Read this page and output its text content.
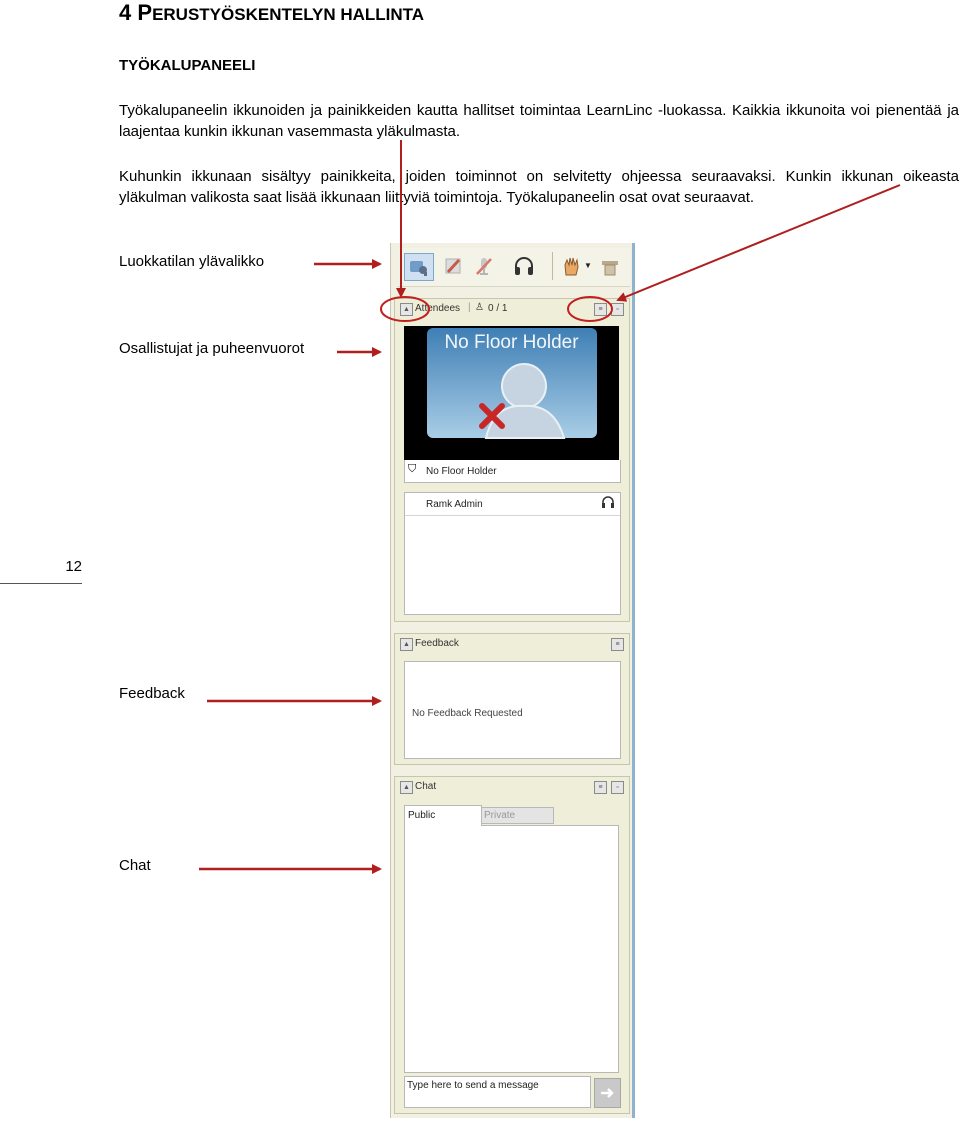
4 PERUSTYÖSKENTELYN HALLINTA
TYÖKALUPANEELI
Työkalupaneelin ikkunoiden ja painikkeiden kautta hallitset toimintaa LearnLinc -luokassa. Kaikkia ikkunoita voi pienentää ja laajentaa kunkin ikkunan vasemmasta yläkulmasta.
Kuhunkin ikkunaan sisältyy painikkeita, joiden toiminnot on selvitetty ohjeessa seuraavaksi. Kunkin ikkunan oikeasta yläkulman valikosta saat lisää ikkunaan liittyviä toimintoja. Työkalupaneelin osat ovat seuraavat.
Luokkatilan ylävalikko
Osallistujat ja puheenvuorot
Feedback
Chat
12
▼
▲ Attendees | ♙ 0 / 1	≡	▫
No Floor Holder
⛉ No Floor Holder
Ramk Admin
▲ Feedback	≡
No Feedback Requested
▲ Chat	≡	▫
Public	Private
Type here to send a message
